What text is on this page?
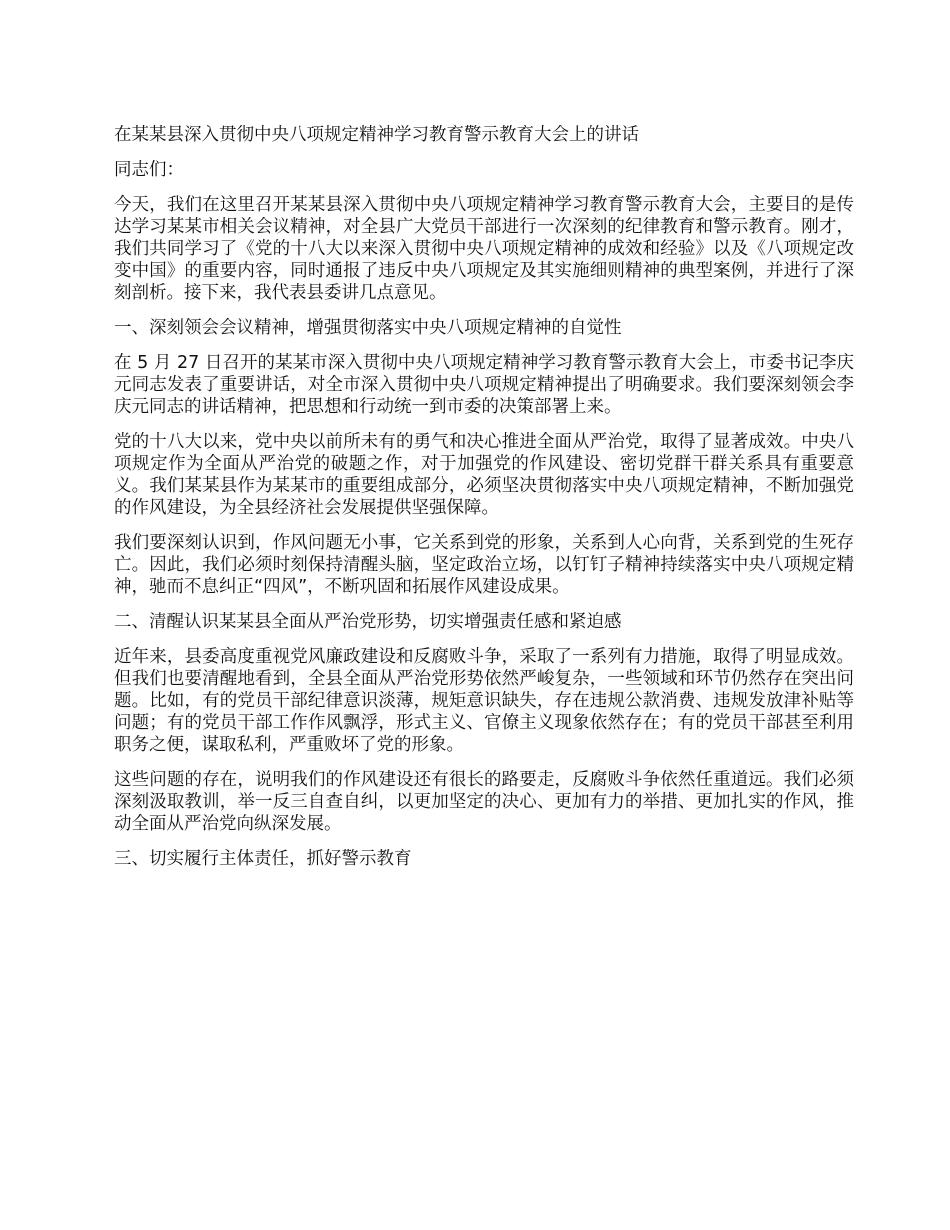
在某某县深入贯彻中央八项规定精神学习教育警示教育大会上的讲话

同志们：

今天，我们在这里召开某某县深入贯彻中央八项规定精神学习教育警示教育大会，主要目的是传达学习某某市相关会议精神，对全县广大党员干部进行一次深刻的纪律教育和警示教育。刚才，我们共同学习了《党的十八大以来深入贯彻中央八项规定精神的成效和经验》以及《八项规定改变中国》的重要内容，同时通报了违反中央八项规定及其实施细则精神的典型案例，并进行了深刻剖析。接下来，我代表县委讲几点意见。

一、深刻领会会议精神，增强贯彻落实中央八项规定精神的自觉性

在 5 月 27 日召开的某某市深入贯彻中央八项规定精神学习教育警示教育大会上，市委书记李庆元同志发表了重要讲话，对全市深入贯彻中央八项规定精神提出了明确要求。我们要深刻领会李庆元同志的讲话精神，把思想和行动统一到市委的决策部署上来。

党的十八大以来，党中央以前所未有的勇气和决心推进全面从严治党，取得了显著成效。中央八项规定作为全面从严治党的破题之作，对于加强党的作风建设、密切党群干群关系具有重要意义。我们某某县作为某某市的重要组成部分，必须坚决贯彻落实中央八项规定精神，不断加强党的作风建设，为全县经济社会发展提供坚强保障。

我们要深刻认识到，作风问题无小事，它关系到党的形象，关系到人心向背，关系到党的生死存亡。因此，我们必须时刻保持清醒头脑，坚定政治立场，以钉钉子精神持续落实中央八项规定精神，驰而不息纠正“四风”，不断巩固和拓展作风建设成果。

二、清醒认识某某县全面从严治党形势，切实增强责任感和紧迫感

近年来，县委高度重视党风廉政建设和反腐败斗争，采取了一系列有力措施，取得了明显成效。但我们也要清醒地看到，全县全面从严治党形势依然严峻复杂，一些领域和环节仍然存在突出问题。比如，有的党员干部纪律意识淡薄，规矩意识缺失，存在违规公款消费、违规发放津补贴等问题；有的党员干部工作作风飘浮，形式主义、官僚主义现象依然存在；有的党员干部甚至利用职务之便，谋取私利，严重败坏了党的形象。

这些问题的存在，说明我们的作风建设还有很长的路要走，反腐败斗争依然任重道远。我们必须深刻汲取教训，举一反三自查自纠，以更加坚定的决心、更加有力的举措、更加扎实的作风，推动全面从严治党向纵深发展。

三、切实履行主体责任，抓好警示教育
